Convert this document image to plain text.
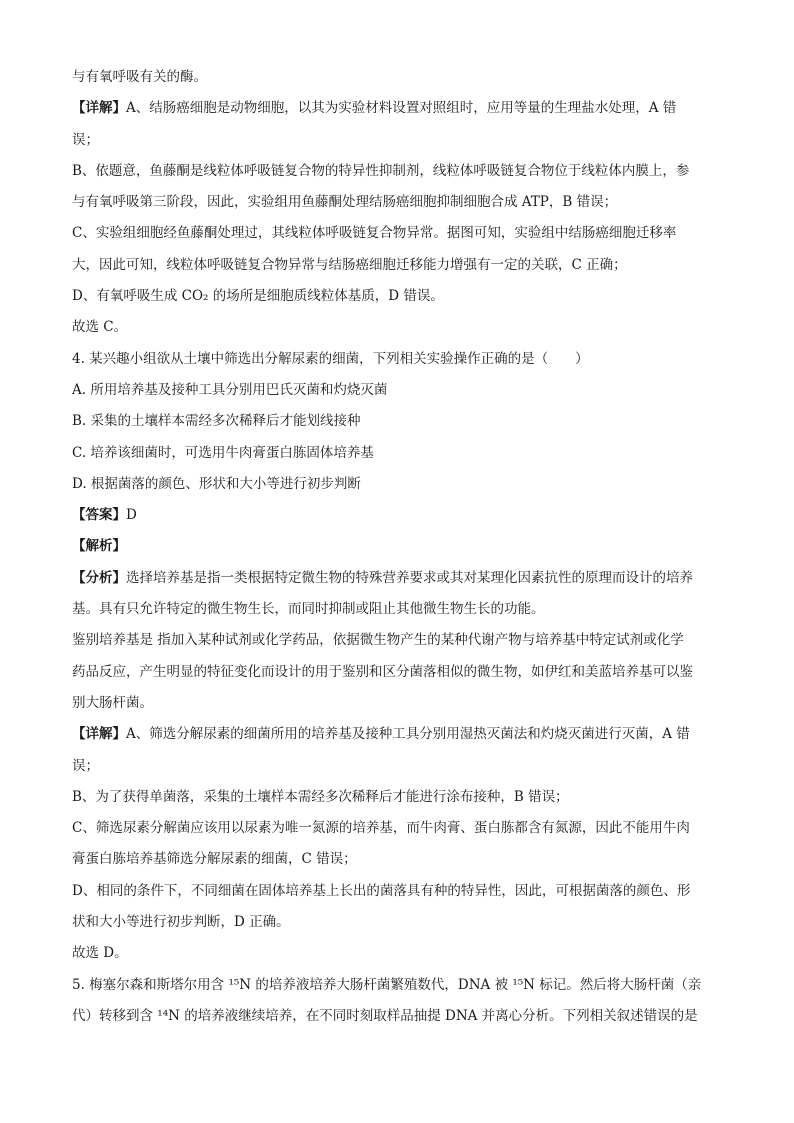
与有氧呼吸有关的酶。
【详解】A、结肠癌细胞是动物细胞，以其为实验材料设置对照组时，应用等量的生理盐水处理，A 错
误；
B、依题意，鱼藤酮是线粒体呼吸链复合物的特异性抑制剂，线粒体呼吸链复合物位于线粒体内膜上，参
与有氧呼吸第三阶段，因此，实验组用鱼藤酮处理结肠癌细胞抑制细胞合成 ATP，B 错误；
C、实验组细胞经鱼藤酮处理过，其线粒体呼吸链复合物异常。据图可知，实验组中结肠癌细胞迁移率
大，因此可知，线粒体呼吸链复合物异常与结肠癌细胞迁移能力增强有一定的关联，C 正确；
D、有氧呼吸生成 CO₂ 的场所是细胞质线粒体基质，D 错误。
故选 C。
4. 某兴趣小组欲从土壤中筛选出分解尿素的细菌，下列相关实验操作正确的是（　　）
A. 所用培养基及接种工具分别用巴氏灭菌和灼烧灭菌
B. 采集的土壤样本需经多次稀释后才能划线接种
C. 培养该细菌时，可选用牛肉膏蛋白胨固体培养基
D. 根据菌落的颜色、形状和大小等进行初步判断
【答案】D
【解析】
【分析】选择培养基是指一类根据特定微生物的特殊营养要求或其对某理化因素抗性的原理而设计的培养
基。具有只允许特定的微生物生长，而同时抑制或阻止其他微生物生长的功能。
鉴别培养基是 指加入某种试剂或化学药品，依据微生物产生的某种代谢产物与培养基中特定试剂或化学
药品反应，产生明显的特征变化而设计的用于鉴别和区分菌落相似的微生物，如伊红和美蓝培养基可以鉴
别大肠杆菌。
【详解】A、筛选分解尿素的细菌所用的培养基及接种工具分别用湿热灭菌法和灼烧灭菌进行灭菌，A 错
误；
B、为了获得单菌落，采集的土壤样本需经多次稀释后才能进行涂布接种，B 错误；
C、筛选尿素分解菌应该用以尿素为唯一氮源的培养基，而牛肉膏、蛋白胨都含有氮源，因此不能用牛肉
膏蛋白胨培养基筛选分解尿素的细菌，C 错误；
D、相同的条件下，不同细菌在固体培养基上长出的菌落具有种的特异性，因此，可根据菌落的颜色、形
状和大小等进行初步判断，D 正确。
故选 D。
5. 梅塞尔森和斯塔尔用含 ¹⁵N 的培养液培养大肠杆菌繁殖数代，DNA 被 ¹⁵N 标记。然后将大肠杆菌（亲
代）转移到含 ¹⁴N 的培养液继续培养，在不同时刻取样品抽提 DNA 并离心分析。下列相关叙述错误的是
